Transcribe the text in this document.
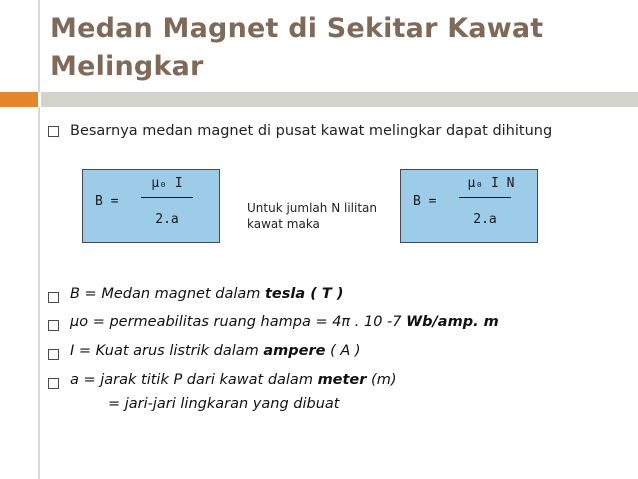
Medan Magnet di Sekitar Kawat Melingkar
Besarnya medan magnet di pusat kawat melingkar dapat dihitung
B =
μ₀ I
2.a
Untuk jumlah N lilitan kawat maka
B =
μ₀ I N
2.a
B = Medan magnet dalam tesla ( T )
μo = permeabilitas ruang hampa = 4π . 10 -7 Wb/amp. m
I = Kuat arus listrik dalam ampere ( A )
a = jarak titik P dari kawat dalam meter (m)
= jari-jari lingkaran yang dibuat
